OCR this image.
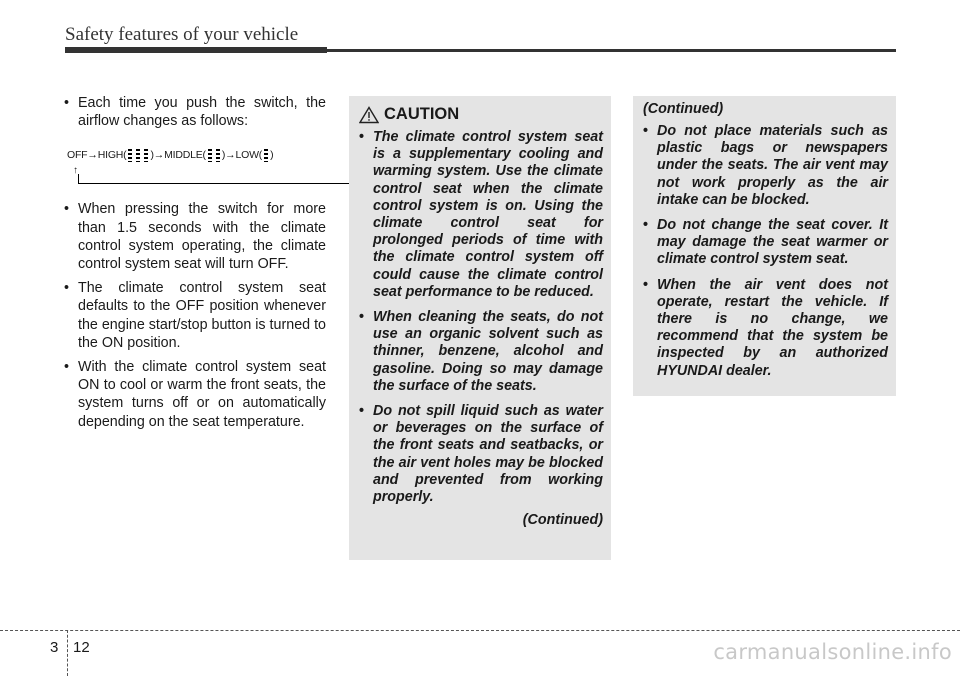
Safety features of your vehicle
• Each time you push the switch, the airflow changes as follows:
OFF → HIGH( ) → MIDDLE( ) → LOW( )
↑
• When pressing the switch for more than 1.5 seconds with the climate control system operating, the climate control system seat will turn OFF.
• The climate control system seat defaults to the OFF position whenever the engine start/stop button is turned to the ON position.
• With the climate control system seat ON to cool or warm the front seats, the system turns off or on automatically depending on the seat temperature.
CAUTION
• The climate control system seat is a supplementary cooling and warming system. Use the climate control seat when the climate control system is on. Using the climate control seat for prolonged periods of time with the climate control system off could cause the climate control seat performance to be reduced.
• When cleaning the seats, do not use an organic solvent such as thinner, benzene, alcohol and gasoline. Doing so may damage the surface of the seats.
• Do not spill liquid such as water or beverages on the surface of the front seats and seatbacks, or the air vent holes may be blocked and prevented from working properly.
(Continued)
(Continued)
• Do not place materials such as plastic bags or newspapers under the seats. The air vent may not work properly as the air intake can be blocked.
• Do not change the seat cover. It may damage the seat warmer or climate control system seat.
• When the air vent does not operate, restart the vehicle. If there is no change, we recommend that the system be inspected by an authorized HYUNDAI dealer.
3 12	carmanualsonline.info
